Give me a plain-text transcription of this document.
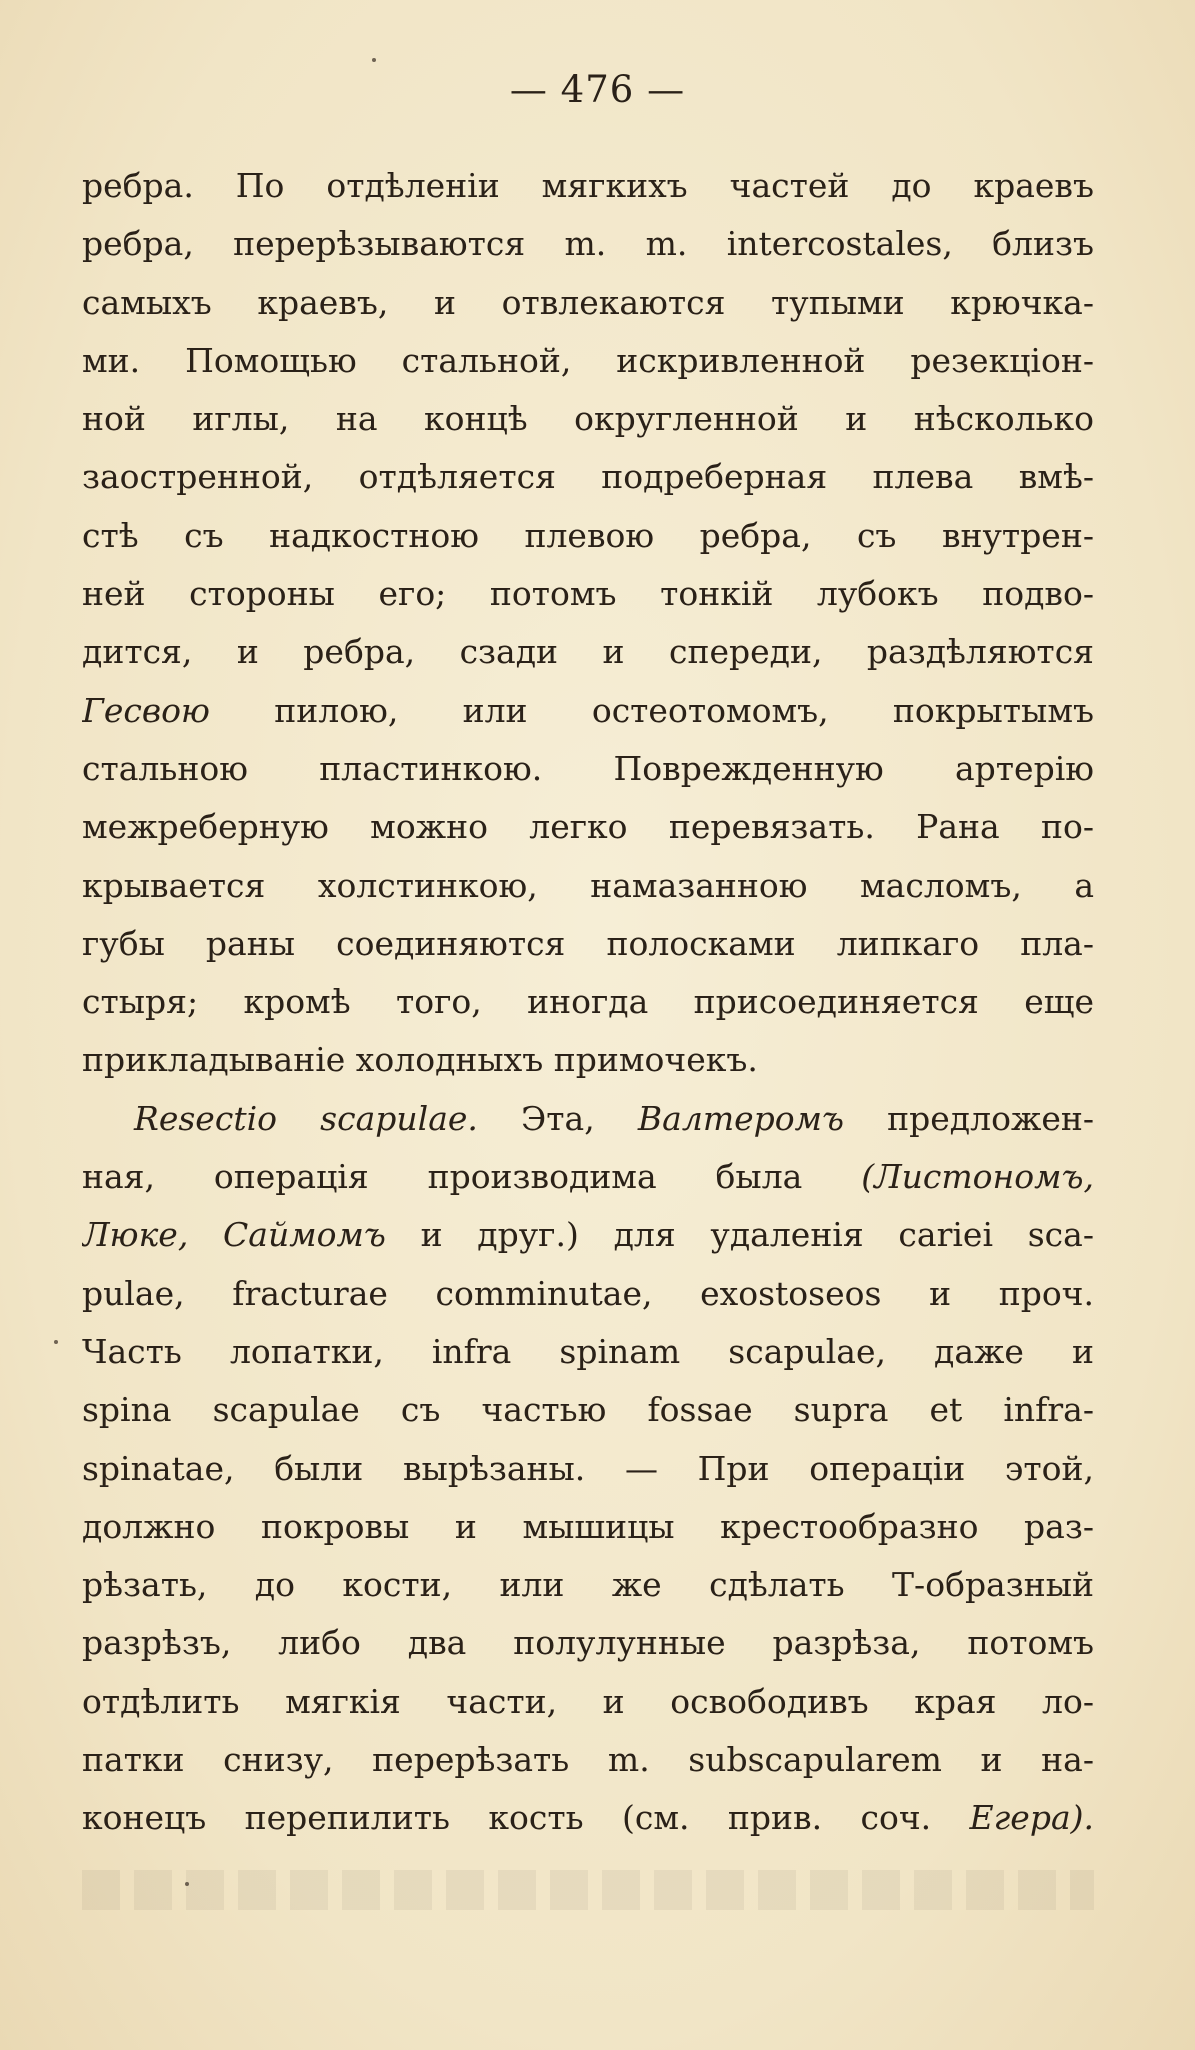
— 476 —
ребра. По отдѣленіи мягкихъ частей до краевъ
ребра, перерѣзываются m. m. intercostales, близъ
самыхъ краевъ, и отвлекаются тупыми крючка-
ми. Помощью стальной, искривленной резекціон-
ной иглы, на концѣ округленной и нѣсколько
заостренной, отдѣляется подреберная плева вмѣ-
стѣ съ надкостною плевою ребра, съ внутрен-
ней стороны его; потомъ тонкій лубокъ подво-
дится, и ребра, сзади и спереди, раздѣляются
Гесвою пилою, или остеотомомъ, покрытымъ
стальною пластинкою. Поврежденную артерію
межреберную можно легко перевязать. Рана по-
крывается холстинкою, намазанною масломъ, а
губы раны соединяются полосками липкаго пла-
стыря; кромѣ того, иногда присоединяется еще
прикладываніе холодныхъ примочекъ.
Resectio scapulae. Эта, Валтеромъ предложен-
ная, операція производима была (Листономъ,
Люке, Саймомъ и друг.) для удаленія cariei sca-
pulae, fracturae comminutae, exostoseos и проч.
Часть лопатки, infra spinam scapulae, даже и
spina scapulae съ частью fossae supra et infra-
spinatae, были вырѣзаны. — При операціи этой,
должно покровы и мышицы крестообразно раз-
рѣзать, до кости, или же сдѣлать Т-образный
разрѣзъ, либо два полулунные разрѣза, потомъ
отдѣлить мягкія части, и освободивъ края ло-
патки снизу, перерѣзать m. subscapularem и на-
конецъ перепилить кость (см. прив. соч. Егера).
